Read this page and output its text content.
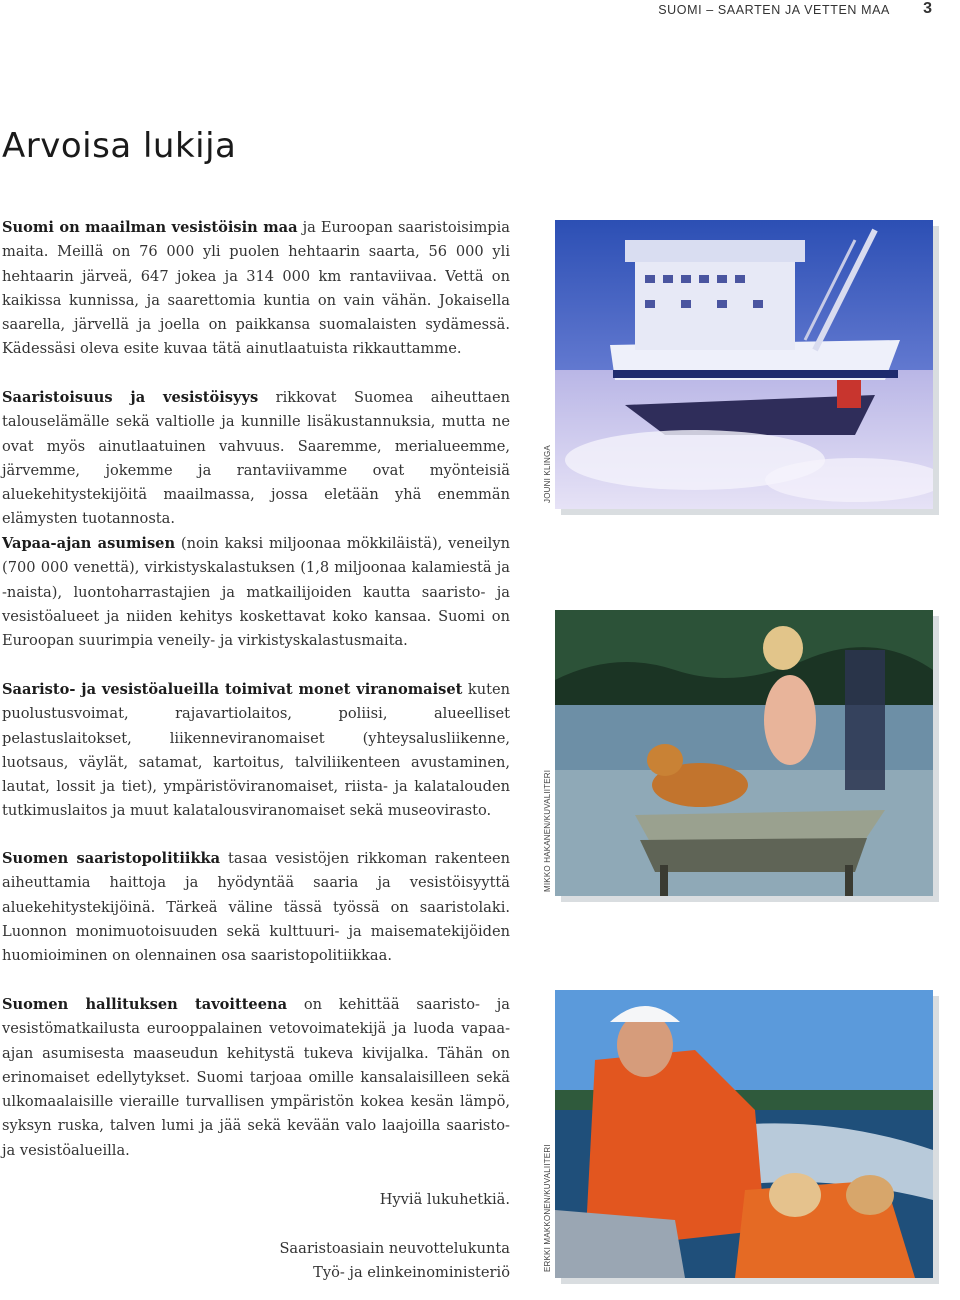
SUOMI – SAARTEN JA VETTEN MAA	3
Arvoisa lukija

Suomi on maailman vesistöisin maa ja Euroopan saaristoisimpia maita. Meillä on 76 000 yli puolen hehtaarin saarta, 56 000 yli hehtaarin järveä, 647 jokea ja 314 000 km rantaviivaa. Vettä on kaikissa kunnissa, ja saarettomia kuntia on vain vähän. Jokaisella saarella, järvellä ja joella on paikkansa suomalaisten sydämessä. Kädessäsi oleva esite kuvaa tätä ainutlaatuista rikkauttamme.

Saaristoisuus ja vesistöisyys rikkovat Suomea aiheuttaen talouselämälle sekä valtiolle ja kunnille lisäkustannuksia, mutta ne ovat myös ainutlaatuinen vahvuus. Saaremme, merialueemme, järvemme, jokemme ja rantaviivamme ovat myönteisiä aluekehitystekijöitä maailmassa, jossa eletään yhä enemmän elämysten tuotannosta.

Vapaa-ajan asumisen (noin kaksi miljoonaa mökkiläistä), veneilyn (700 000 venettä), virkistyskalastuksen (1,8 miljoonaa kalamiestä ja -naista), luontoharrastajien ja matkailijoiden kautta saaristo- ja vesistöalueet ja niiden kehitys koskettavat koko kansaa. Suomi on Euroopan suurimpia veneily- ja virkistyskalastusmaita.

Saaristo- ja vesistöalueilla toimivat monet viranomaiset kuten puolustusvoimat, rajavartiolaitos, poliisi, alueelliset pelastuslaitokset, liikenneviranomaiset (yhteysalusliikenne, luotsaus, väylät, satamat, kartoitus, talviliikenteen avustaminen, lautat, lossit ja tiet), ympäristöviranomaiset, riista- ja kalatalouden tutkimuslaitos ja muut kalatalousviranomaiset sekä museovirasto.

Suomen saaristopolitiikka tasaa vesistöjen rikkoman rakenteen aiheuttamia haittoja ja hyödyntää saaria ja vesistöisyyttä aluekehitystekijöinä. Tärkeä väline tässä työssä on saaristolaki. Luonnon monimuotoisuuden sekä kulttuuri- ja maisematekijöiden huomioiminen on olennainen osa saaristopolitiikkaa.

Suomen hallituksen tavoitteena on kehittää saaristo- ja vesistömatkailusta eurooppalainen vetovoimatekijä ja luoda vapaa-ajan asumisesta maaseudun kehitystä tukeva kivijalka. Tähän on erinomaiset edellytykset. Suomi tarjoaa omille kansalaisilleen sekä ulkomaalaisille vieraille turvallisen ympäristön kokea kesän lämpö, syksyn ruska, talven lumi ja jää sekä kevään valo laajoilla saaristo- ja vesistöalueilla.

Hyviä lukuhetkiä.
Saaristoasiain neuvottelukunta
Työ- ja elinkeinoministeriö
JOUNI KLINGA
MIKKO HAKANEN/KUVALIITERI
ERKKI MAKKONEN/KUVALIITERI
